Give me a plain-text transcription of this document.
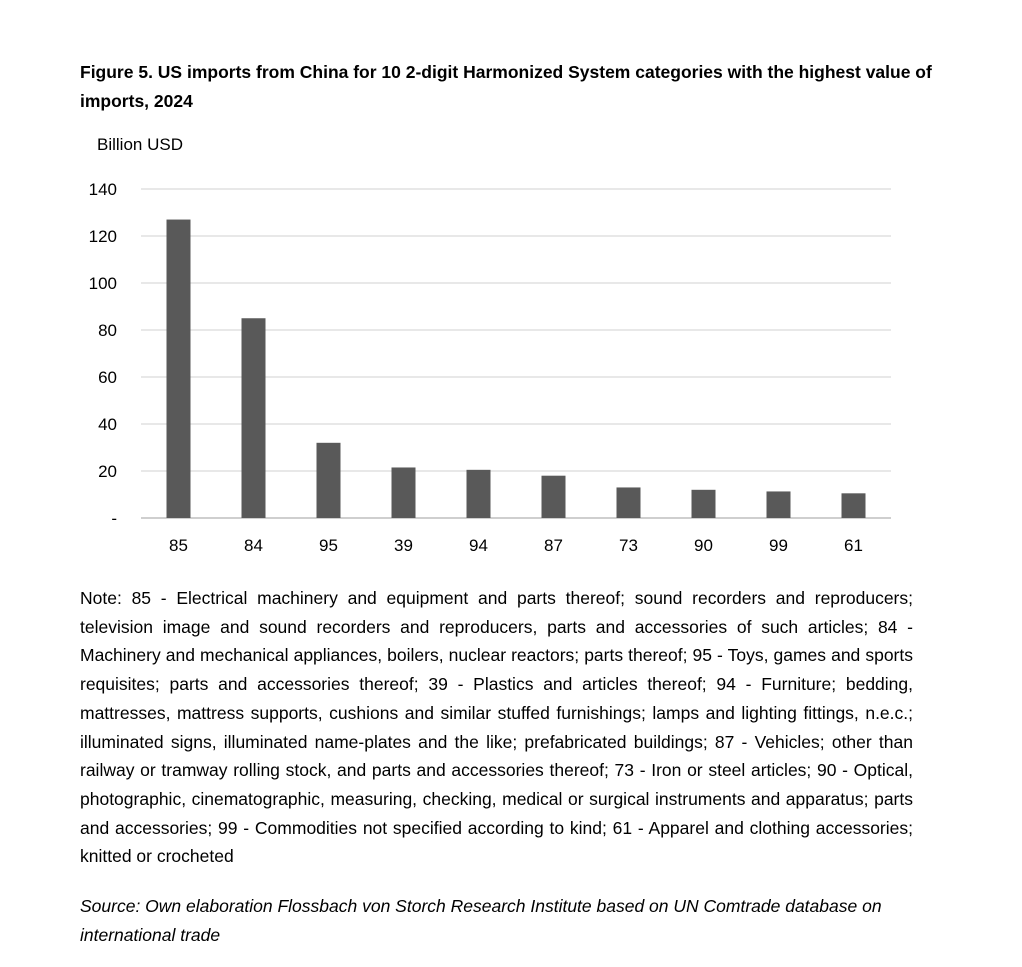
Figure 5. US imports from China for 10 2-digit Harmonized System categories with the highest value of imports, 2024
Billion USD
-
20
40
60
80
100
120
140
85	84	95	39	94	87	73	90	99	61
Note: 85 - Electrical machinery and equipment and parts thereof; sound recorders and reproducers; television image and sound recorders and reproducers, parts and accessories of such articles; 84 - Machinery and mechanical appliances, boilers, nuclear reactors; parts thereof; 95 - Toys, games and sports requisites; parts and accessories thereof; 39 - Plastics and articles thereof; 94 - Furniture; bedding, mattresses, mattress supports, cushions and similar stuffed furnishings; lamps and lighting fittings, n.e.c.; illuminated signs, illuminated name-plates and the like; prefabricated buildings; 87 - Vehicles; other than railway or tramway rolling stock, and parts and accessories thereof; 73 - Iron or steel articles; 90 - Optical, photographic, cinematographic, measuring, checking, medical or surgical instruments and apparatus; parts and accessories; 99 - Commodities not specified according to kind; 61 - Apparel and clothing accessories; knitted or crocheted
Source: Own elaboration Flossbach von Storch Research Institute based on UN Comtrade database on international trade
